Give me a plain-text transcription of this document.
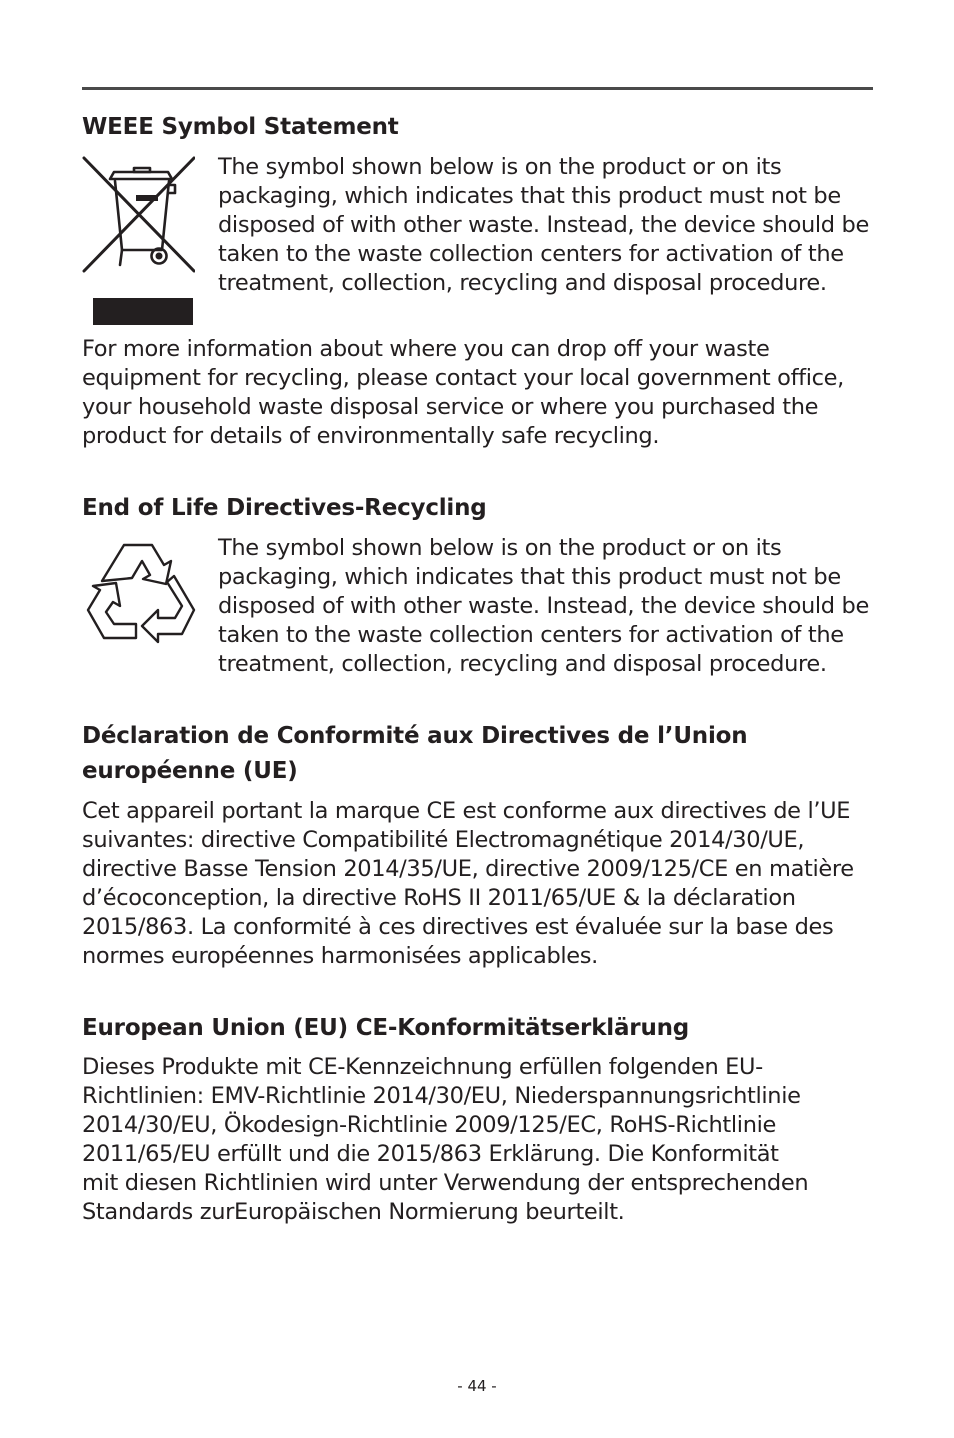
WEEE Symbol Statement
The symbol shown below is on the product or on its
packaging, which indicates that this product must not be
disposed of with other waste. Instead, the device should be
taken to the waste collection centers for activation of the
treatment, collection, recycling and disposal procedure.
For more information about where you can drop off your waste
equipment for recycling, please contact your local government office,
your household waste disposal service or where you purchased the
product for details of environmentally safe recycling.
End of Life Directives-Recycling
The symbol shown below is on the product or on its
packaging, which indicates that this product must not be
disposed of with other waste. Instead, the device should be
taken to the waste collection centers for activation of the
treatment, collection, recycling and disposal procedure.
Déclaration de Conformité aux Directives de l’Union
européenne (UE)
Cet appareil portant la marque CE est conforme aux directives de l’UE
suivantes: directive Compatibilité Electromagnétique 2014/30/UE,
directive Basse Tension 2014/35/UE, directive 2009/125/CE en matière
d’écoconception, la directive RoHS II 2011/65/UE & la déclaration
2015/863. La conformité à ces directives est évaluée sur la base des
normes européennes harmonisées applicables.
European Union (EU) CE-Konformitätserklärung
Dieses Produkte mit CE-Kennzeichnung erfüllen folgenden EU-
Richtlinien: EMV-Richtlinie 2014/30/EU, Niederspannungsrichtlinie
2014/30/EU, Ökodesign-Richtlinie 2009/125/EC, RoHS-Richtlinie
2011/65/EU erfüllt und die 2015/863 Erklärung. Die Konformität
mit diesen Richtlinien wird unter Verwendung der entsprechenden
Standards zurEuropäischen Normierung beurteilt.
- 44 -
